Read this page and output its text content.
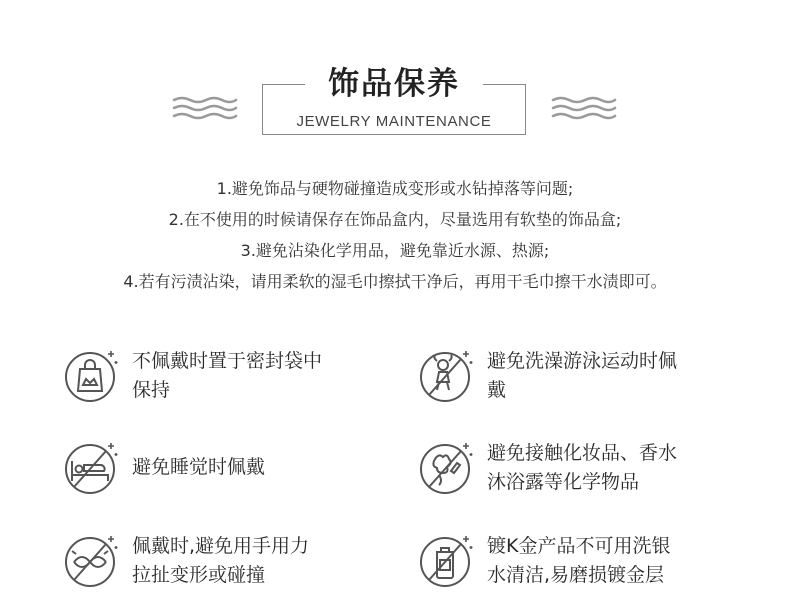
饰品保养
JEWELRY MAINTENANCE
1.避免饰品与硬物碰撞造成变形或水钻掉落等问题;
2.在不使用的时候请保存在饰品盒内，尽量选用有软垫的饰品盒;
3.避免沾染化学用品，避免靠近水源、热源;
4.若有污渍沾染，请用柔软的湿毛巾擦拭干净后，再用干毛巾擦干水渍即可。
不佩戴时置于密封袋中
保持
避免洗澡游泳运动时佩
戴
避免睡觉时佩戴
避免接触化妆品、香水
沐浴露等化学物品
佩戴时,避免用手用力
拉扯变形或碰撞
镀K金产品不可用洗银
水清洁,易磨损镀金层
